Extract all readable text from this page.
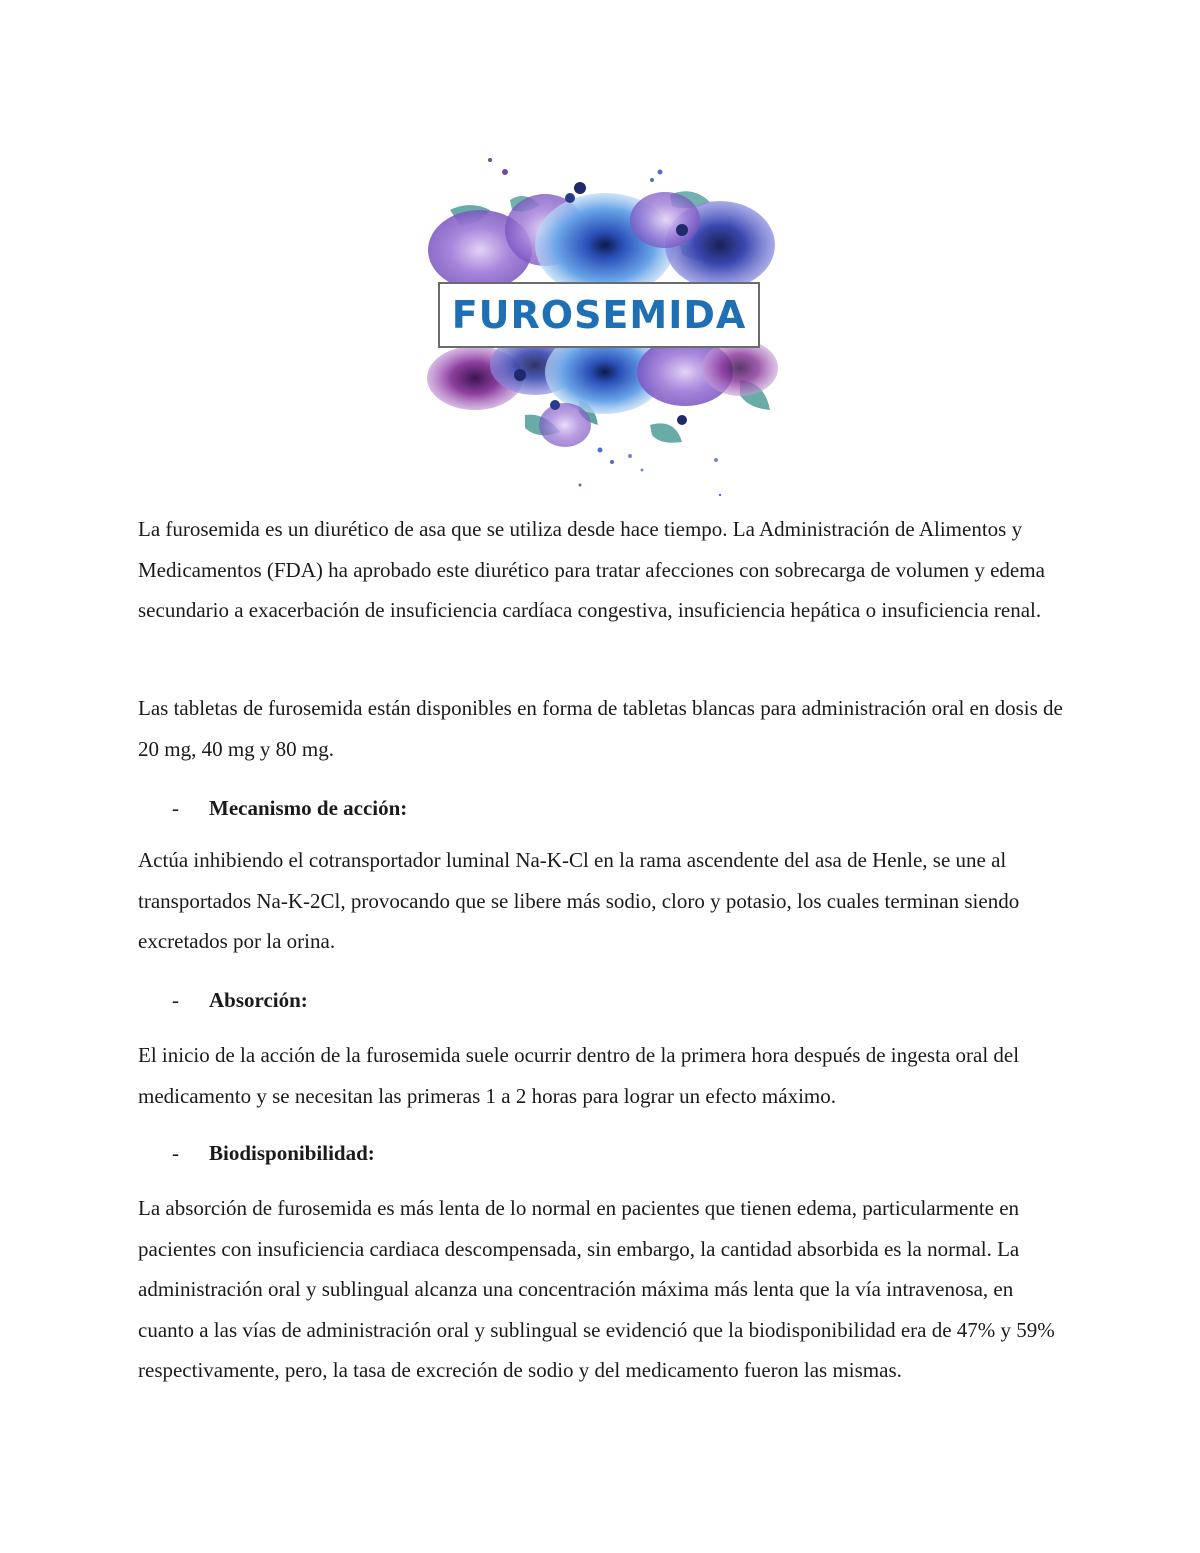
FUROSEMIDA

La furosemida es un diurético de asa que se utiliza desde hace tiempo. La Administración de Alimentos y Medicamentos (FDA) ha aprobado este diurético para tratar afecciones con sobrecarga de volumen y edema secundario a exacerbación de insuficiencia cardíaca congestiva, insuficiencia hepática o insuficiencia renal.

Las tabletas de furosemida están disponibles en forma de tabletas blancas para administración oral en dosis de 20 mg, 40 mg y 80 mg.

-	Mecanismo de acción:

Actúa inhibiendo el cotransportador luminal Na-K-Cl en la rama ascendente del asa de Henle, se une al transportados Na-K-2Cl, provocando que se libere más sodio, cloro y potasio, los cuales terminan siendo excretados por la orina.

-	Absorción:

El inicio de la acción de la furosemida suele ocurrir dentro de la primera hora después de ingesta oral del medicamento y se necesitan las primeras 1 a 2 horas para lograr un efecto máximo.

-	Biodisponibilidad:

La absorción de furosemida es más lenta de lo normal en pacientes que tienen edema, particularmente en pacientes con insuficiencia cardiaca descompensada, sin embargo, la cantidad absorbida es la normal. La administración oral y sublingual alcanza una concentración máxima más lenta que la vía intravenosa, en cuanto a las vías de administración oral y sublingual se evidenció que la biodisponibilidad era de 47% y 59% respectivamente, pero, la tasa de excreción de sodio y del medicamento fueron las mismas.
